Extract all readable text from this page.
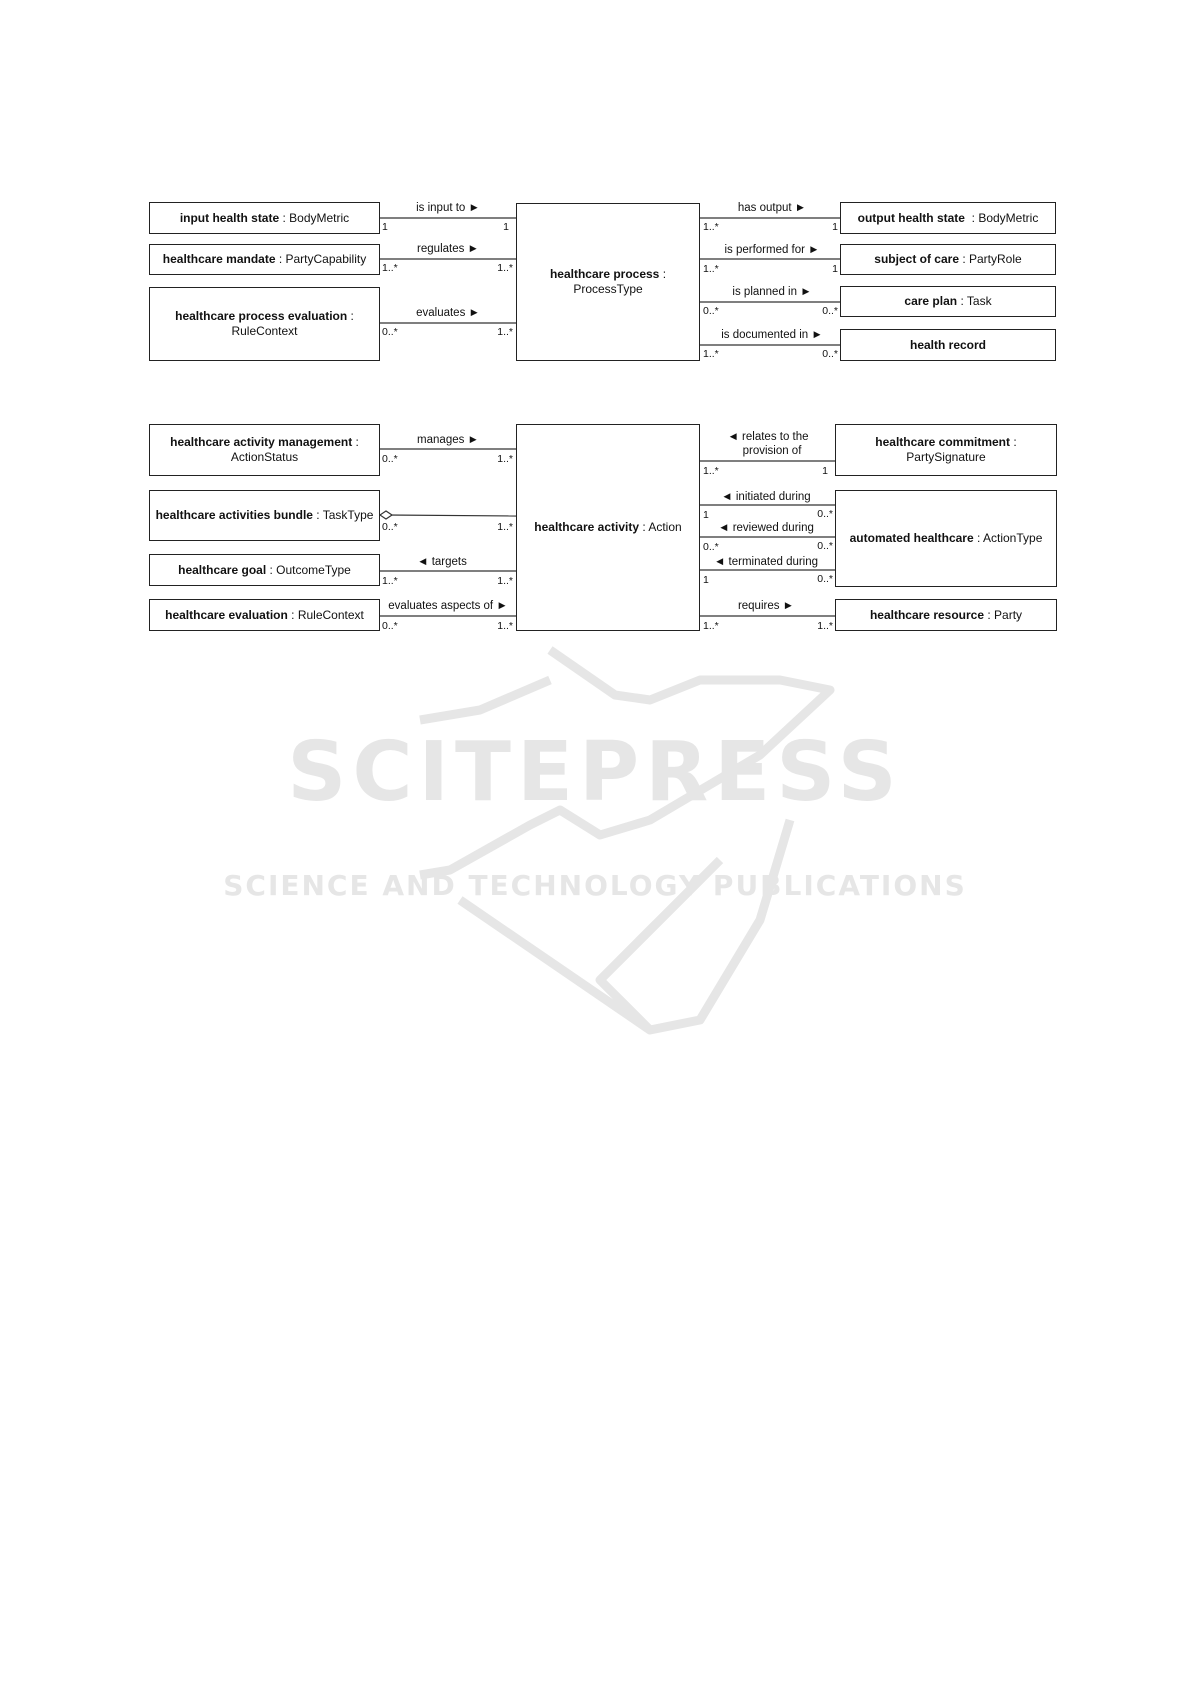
SCITEPRESS
SCIENCE AND TECHNOLOGY PUBLICATIONS
input health state : BodyMetric
healthcare mandate : PartyCapability
healthcare process evaluation : RuleContext
healthcare process : ProcessType
output health state  : BodyMetric
subject of care : PartyRole
care plan : Task
health record
is input to ►
1	1
regulates ►
1..*	1..*
evaluates ►
0..*	1..*
has output ►
1..*	1
is performed for ►
1..*	1
is planned in ►
0..*	0..*
is documented in ►
1..*	0..*
healthcare activity management : ActionStatus
healthcare activities bundle : TaskType
healthcare goal : OutcomeType
healthcare evaluation : RuleContext
healthcare activity : Action
healthcare commitment : PartySignature
automated healthcare : ActionType
healthcare resource : Party
manages ►
0..*	1..*
0..*	1..*
◄ targets
1..*	1..*
evaluates aspects of ►
0..*	1..*
◄ relates to the
provision of
1..*	1
◄ initiated during
1	0..*
◄ reviewed during
0..*	0..*
◄ terminated during
1	0..*
requires ►
1..*	1..*
